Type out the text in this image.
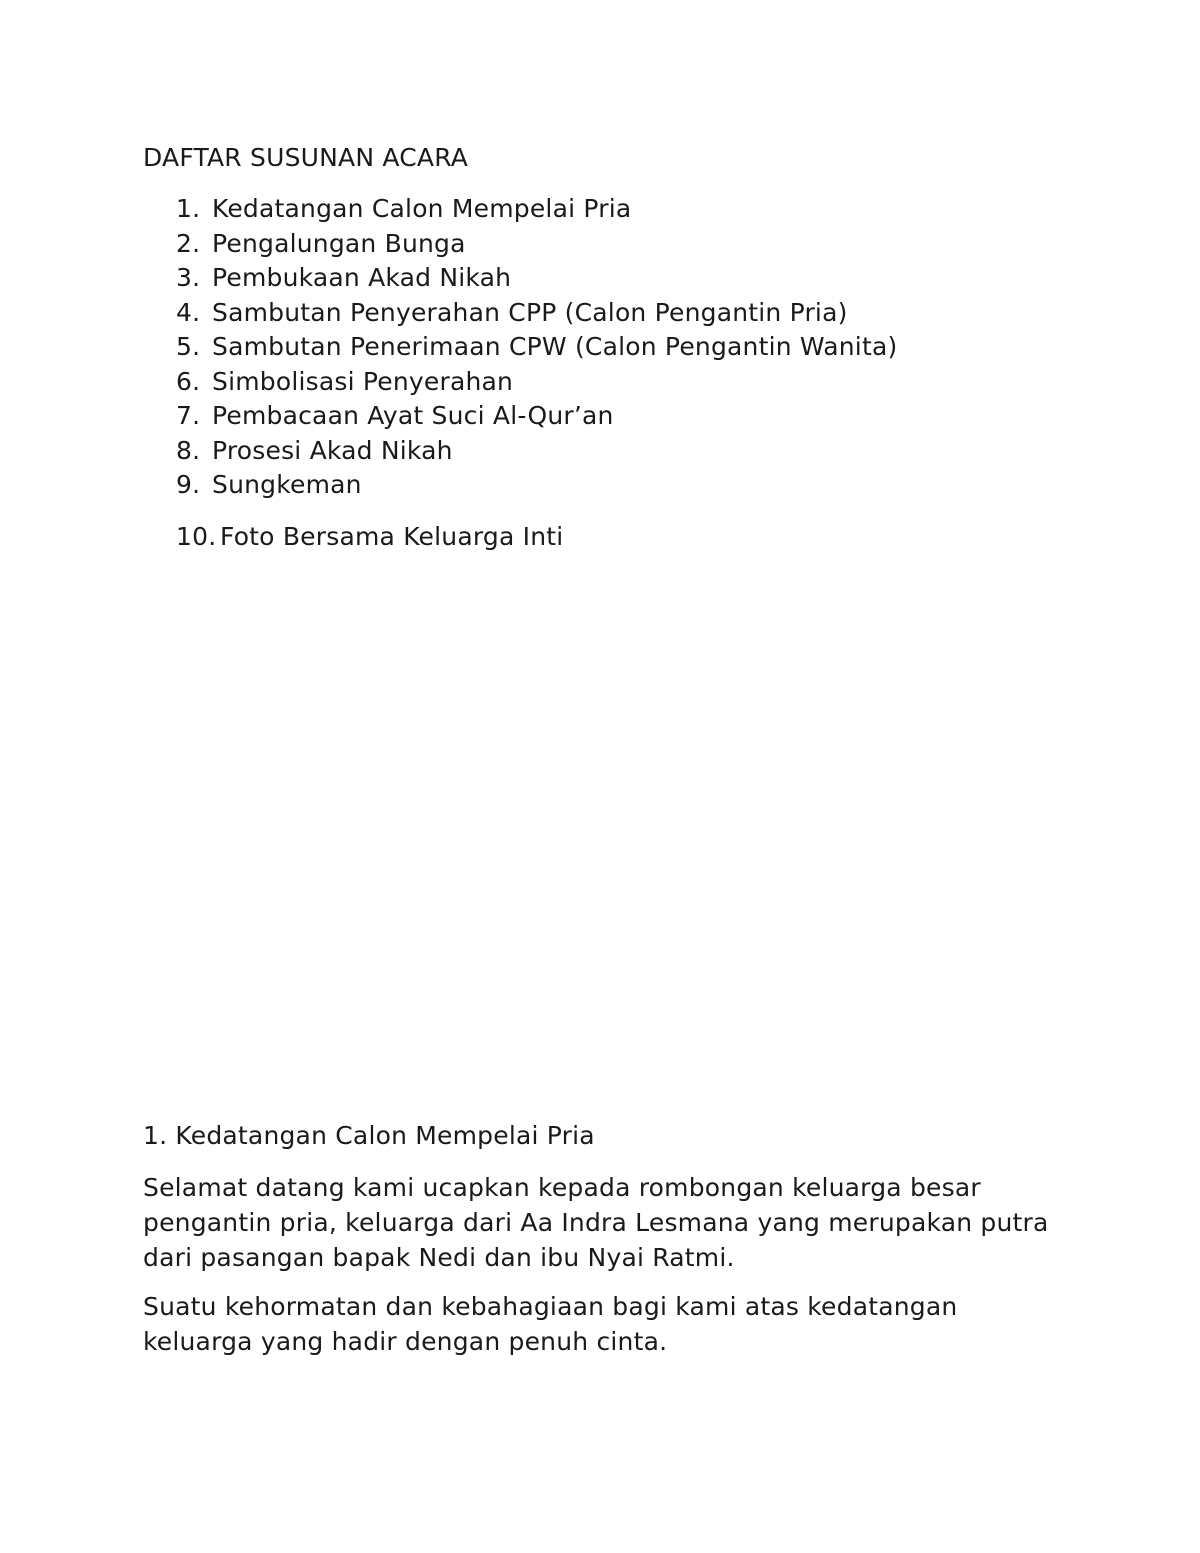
DAFTAR SUSUNAN ACARA
1. Kedatangan Calon Mempelai Pria
2. Pengalungan Bunga
3. Pembukaan Akad Nikah
4. Sambutan Penyerahan CPP (Calon Pengantin Pria)
5. Sambutan Penerimaan CPW (Calon Pengantin Wanita)
6. Simbolisasi Penyerahan
7. Pembacaan Ayat Suci Al-Qur’an
8. Prosesi Akad Nikah
9. Sungkeman
10. Foto Bersama Keluarga Inti
1. Kedatangan Calon Mempelai Pria

Selamat datang kami ucapkan kepada rombongan keluarga besar pengantin pria, keluarga dari Aa Indra Lesmana yang merupakan putra dari pasangan bapak Nedi dan ibu Nyai Ratmi.

Suatu kehormatan dan kebahagiaan bagi kami atas kedatangan keluarga yang hadir dengan penuh cinta.
